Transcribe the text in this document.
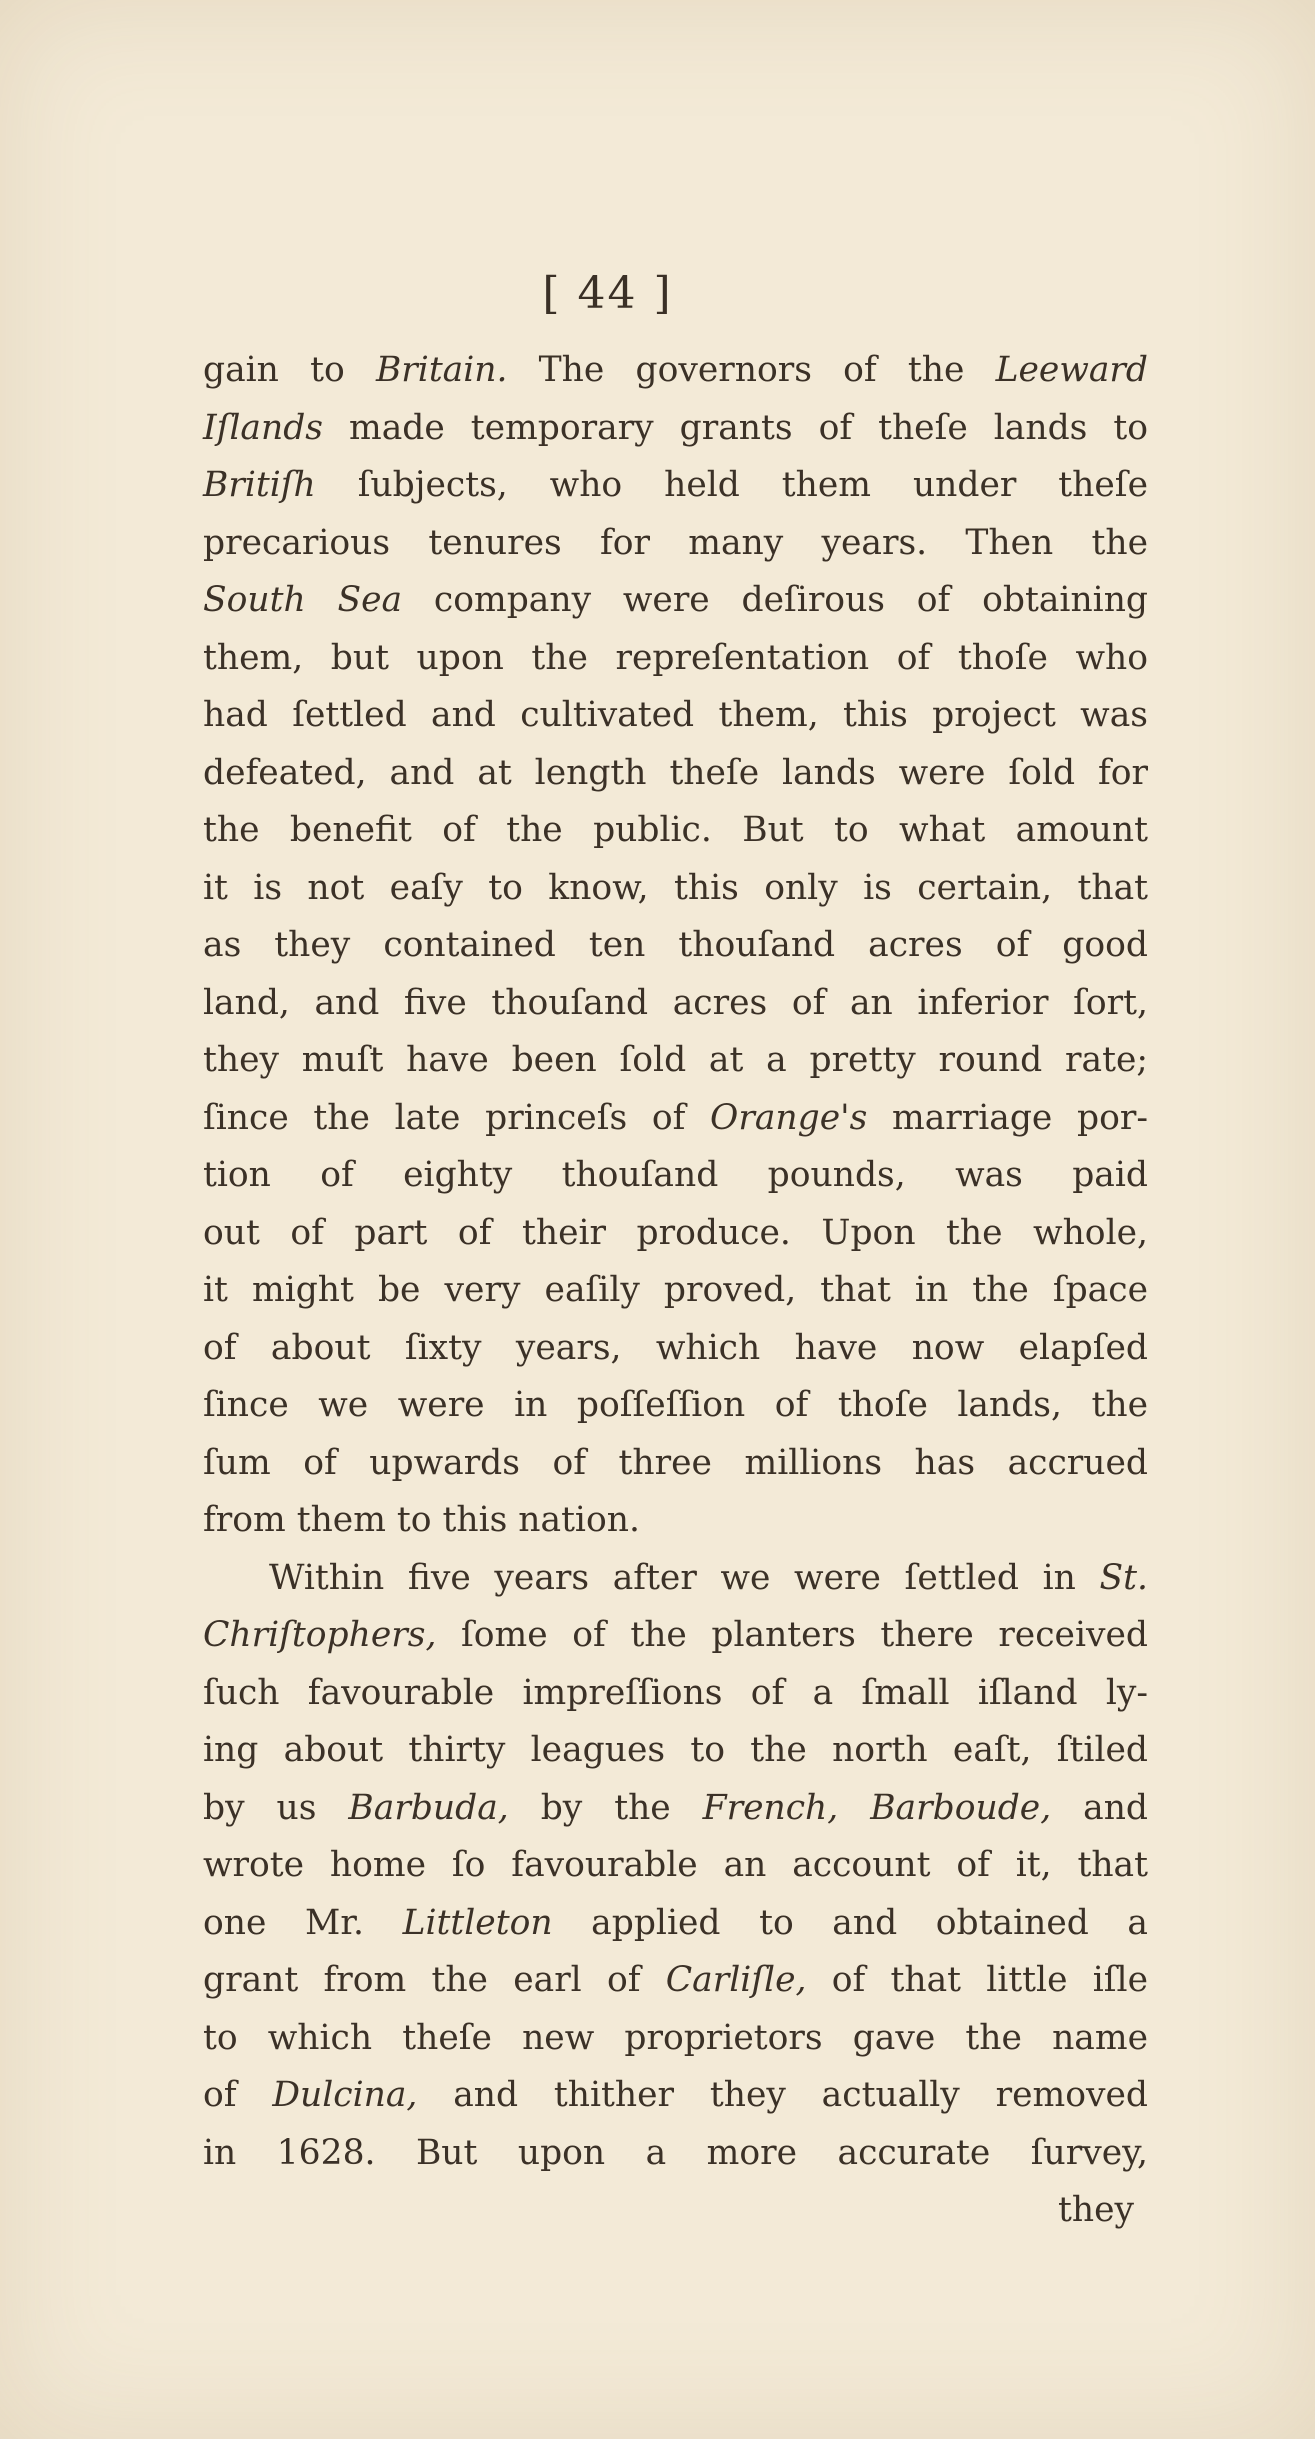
[ 44 ]
gain to Britain. The governors of the Leeward
Iſlands made temporary grants of theſe lands to
Britiſh ſubjects, who held them under theſe
precarious tenures for many years. Then the
South Sea company were deſirous of obtaining
them, but upon the repreſentation of thoſe who
had ſettled and cultivated them, this project was
defeated, and at length theſe lands were ſold for
the benefit of the public. But to what amount
it is not eaſy to know, this only is certain, that
as they contained ten thouſand acres of good
land, and five thouſand acres of an inferior ſort,
they muſt have been ſold at a pretty round rate;
ſince the late princeſs of Orange's marriage por-
tion of eighty thouſand pounds, was paid
out of part of their produce. Upon the whole,
it might be very eaſily proved, that in the ſpace
of about ſixty years, which have now elapſed
ſince we were in poſſeſſion of thoſe lands, the
ſum of upwards of three millions has accrued
from them to this nation.
Within five years after we were ſettled in St.
Chriſtophers, ſome of the planters there received
ſuch favourable impreſſions of a ſmall iſland ly-
ing about thirty leagues to the north eaſt, ſtiled
by us Barbuda, by the French, Barboude, and
wrote home ſo favourable an account of it, that
one Mr. Littleton applied to and obtained a
grant from the earl of Carliſle, of that little iſle
to which theſe new proprietors gave the name
of Dulcina, and thither they actually removed
in 1628. But upon a more accurate ſurvey,
they
